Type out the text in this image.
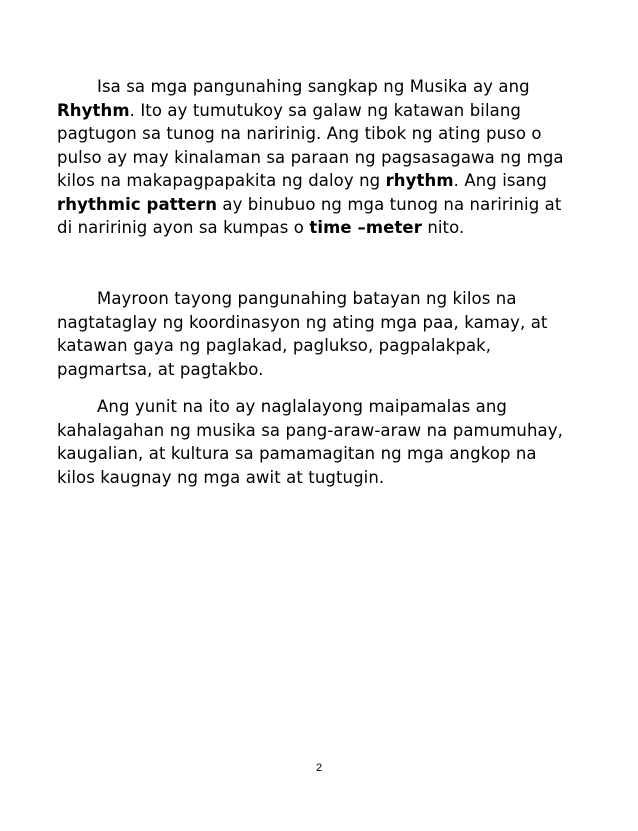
Isa sa mga pangunahing sangkap ng Musika ay ang Rhythm. Ito ay tumutukoy sa galaw ng katawan bilang pagtugon sa tunog na naririnig. Ang tibok ng ating puso o pulso ay may kinalaman sa paraan ng pagsasagawa ng mga kilos na makapagpapakita ng daloy ng rhythm. Ang isang rhythmic pattern ay binubuo ng mga tunog na naririnig at di naririnig ayon sa kumpas o time –meter nito.

Mayroon tayong pangunahing batayan ng kilos na nagtataglay ng koordinasyon ng ating mga paa, kamay, at katawan gaya ng paglakad, paglukso, pagpalakpak, pagmartsa, at pagtakbo.

Ang yunit na ito ay naglalayong maipamalas ang kahalagahan ng musika sa pang-araw-araw na pamumuhay, kaugalian, at kultura sa pamamagitan ng mga angkop na kilos kaugnay ng mga awit at tugtugin.

2
